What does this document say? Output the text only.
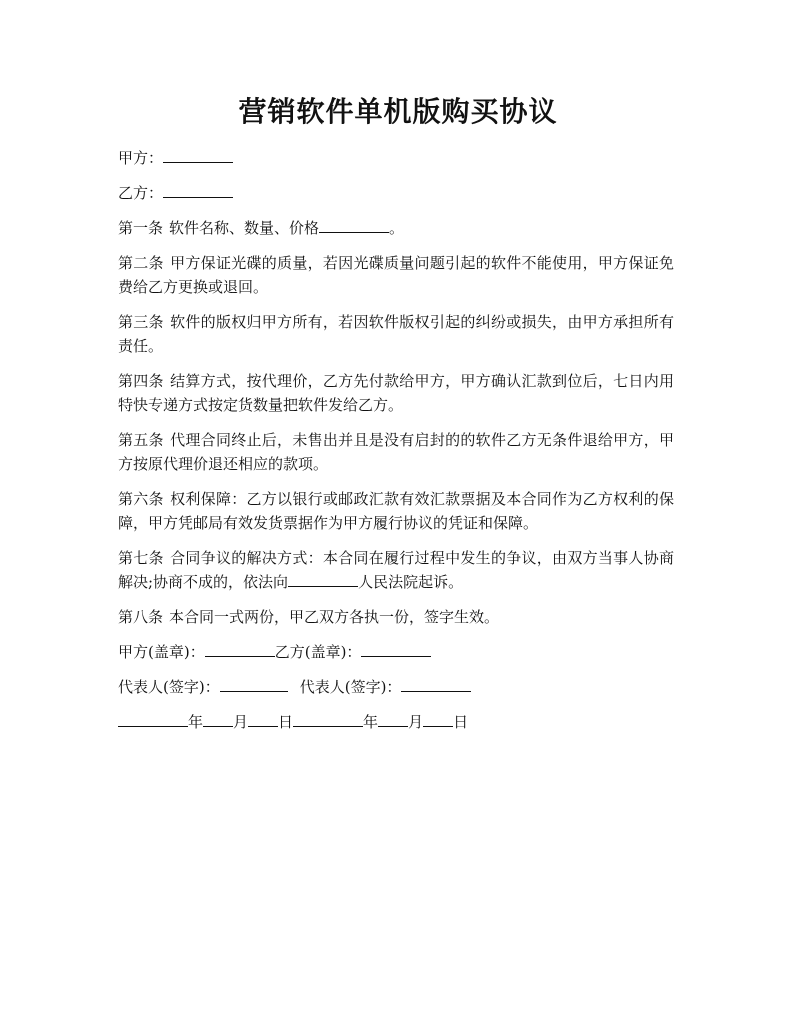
营销软件单机版购买协议

甲方：

乙方：

第一条 软件名称、数量、价格	。

第二条 甲方保证光碟的质量，若因光碟质量问题引起的软件不能使用，甲方保证免费给乙方更换或退回。

第三条 软件的版权归甲方所有，若因软件版权引起的纠纷或损失，由甲方承担所有责任。

第四条 结算方式，按代理价，乙方先付款给甲方，甲方确认汇款到位后，七日内用特快专递方式按定货数量把软件发给乙方。

第五条 代理合同终止后，未售出并且是没有启封的的软件乙方无条件退给甲方，甲方按原代理价退还相应的款项。

第六条 权利保障：乙方以银行或邮政汇款有效汇款票据及本合同作为乙方权利的保障，甲方凭邮局有效发货票据作为甲方履行协议的凭证和保障。

第七条 合同争议的解决方式：本合同在履行过程中发生的争议，由双方当事人协商解决;协商不成的，依法向	人民法院起诉。

第八条 本合同一式两份，甲乙双方各执一份，签字生效。

甲方(盖章)：	乙方(盖章)：

代表人(签字)：	代表人(签字)：

年 月 日	年 月 日
